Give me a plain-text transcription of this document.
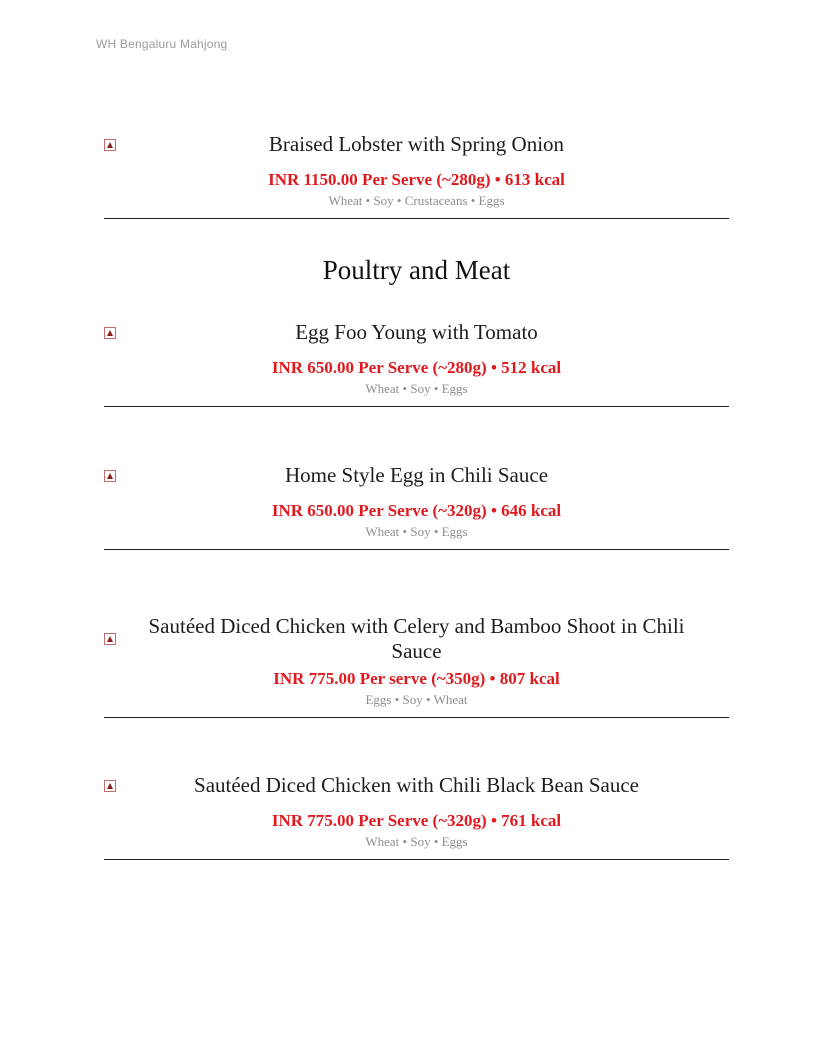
WH Bengaluru Mahjong
Braised Lobster with Spring Onion

INR 1150.00 Per Serve (~280g) • 613 kcal

Wheat • Soy • Crustaceans • Eggs

Poultry and Meat
Egg Foo Young with Tomato

INR 650.00 Per Serve (~280g) • 512 kcal

Wheat • Soy • Eggs

Home Style Egg in Chili Sauce

INR 650.00 Per Serve (~320g) • 646 kcal

Wheat • Soy • Eggs

Sautéed Diced Chicken with Celery and Bamboo Shoot in Chili Sauce

INR 775.00 Per serve (~350g) • 807 kcal

Eggs • Soy • Wheat

Sautéed Diced Chicken with Chili Black Bean Sauce

INR 775.00 Per Serve (~320g) • 761 kcal

Wheat • Soy • Eggs
